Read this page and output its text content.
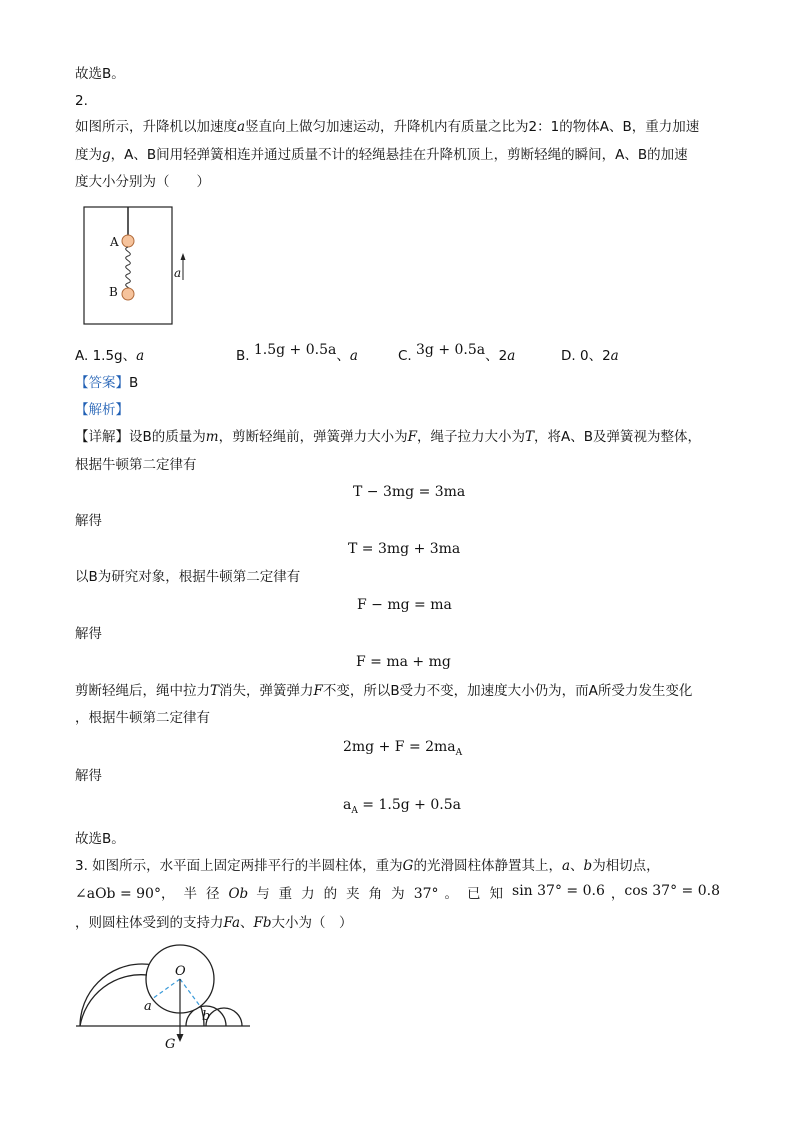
故选B。
2.
如图所示，升降机以加速度a竖直向上做匀加速运动，升降机内有质量之比为2：1的物体A、B，重力加速
度为g，A、B间用轻弹簧相连并通过质量不计的轻绳悬挂在升降机顶上，剪断轻绳的瞬间，A、B的加速
度大小分别为（　　）
A
B
a
A. 1.5g、a	B. 1.5g + 0.5a、a	C. 3g + 0.5a、2a	D. 0、2a
【答案】B
【解析】
【详解】设B的质量为m，剪断轻绳前，弹簧弹力大小为F，绳子拉力大小为T，将A、B及弹簧视为整体，
根据牛顿第二定律有
T − 3mg = 3ma
解得
T = 3mg + 3ma
以B为研究对象，根据牛顿第二定律有
F − mg = ma
解得
F = ma + mg
剪断轻绳后，绳中拉力T消失，弹簧弹力F不变，所以B受力不变，加速度大小仍为，而A所受力发生变化
，根据牛顿第二定律有
$2mg + F = 2ma_A$
解得
$a_A = 1.5g + 0.5a$
故选B。
3. 如图所示，水平面上固定两排平行的半圆柱体，重为G的光滑圆柱体静置其上，a、b为相切点，
∠aOb = 90°，半径Ob 与重力的夹角为37° 。已知sin 37° = 0.6 ，cos 37° = 0.8
，则圆柱体受到的支持力Fa、Fb大小为（　）
O
a
b
G
